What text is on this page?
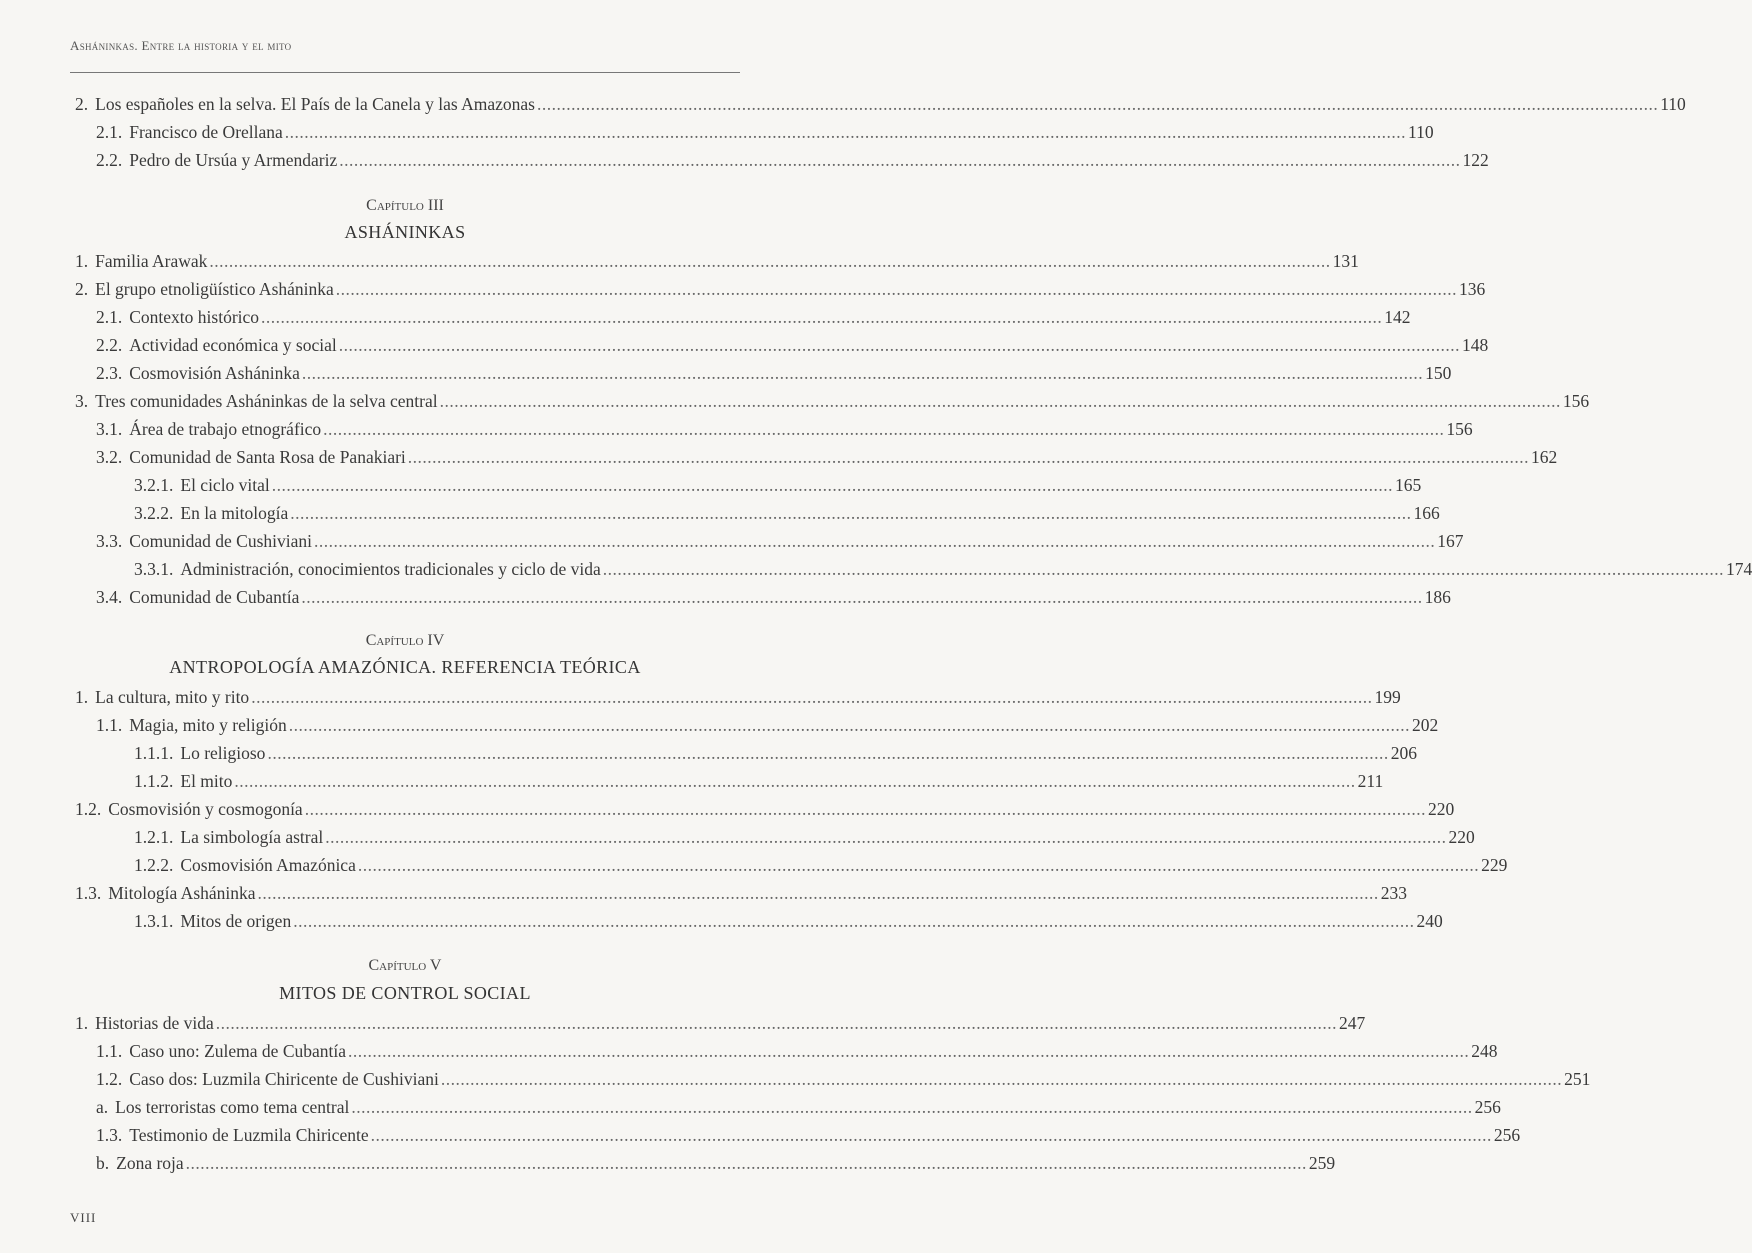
Asháninkas. Entre la historia y el mito
2. Los españoles en la selva. El País de la Canela y las Amazonas .....	110
2.1. Francisco de Orellana .....	110
2.2. Pedro de Ursúa y Armendariz .....	122
Capítulo III
ASHÁNINKAS
1. Familia Arawak .....	131
2. El grupo etnoligüístico Asháninka .....	136
2.1. Contexto histórico .....	142
2.2. Actividad económica y social .....	148
2.3. Cosmovisión Asháninka .....	150
3. Tres comunidades Asháninkas de la selva central .....	156
3.1. Área de trabajo etnográfico .....	156
3.2. Comunidad de Santa Rosa de Panakiari .....	162
3.2.1. El ciclo vital .....	165
3.2.2. En la mitología .....	166
3.3. Comunidad de Cushiviani .....	167
3.3.1. Administración, conocimientos tradicionales y ciclo de vida .....	174
3.4. Comunidad de Cubantía .....	186
Capítulo IV
ANTROPOLOGÍA AMAZÓNICA. REFERENCIA TEÓRICA
1. La cultura, mito y rito .....	199
1.1. Magia, mito y religión .....	202
1.1.1. Lo religioso .....	206
1.1.2. El mito .....	211
1.2. Cosmovisión y cosmogonía .....	220
1.2.1. La simbología astral .....	220
1.2.2. Cosmovisión Amazónica .....	229
1.3. Mitología Asháninka .....	233
1.3.1. Mitos de origen .....	240
Capítulo V
MITOS DE CONTROL SOCIAL
1. Historias de vida .....	247
1.1. Caso uno: Zulema de Cubantía .....	248
1.2. Caso dos: Luzmila Chiricente de Cushiviani .....	251
a. Los terroristas como tema central .....	256
1.3. Testimonio de Luzmila Chiricente .....	256
b. Zona roja .....	259
VIII
